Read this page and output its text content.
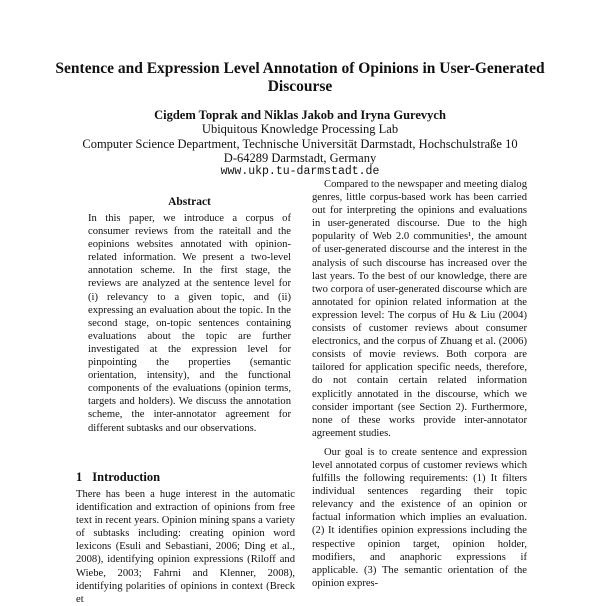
Sentence and Expression Level Annotation of Opinions in User-Generated Discourse
Cigdem Toprak and Niklas Jakob and Iryna Gurevych
Ubiquitous Knowledge Processing Lab
Computer Science Department, Technische Universität Darmstadt, Hochschulstraße 10
D-64289 Darmstadt, Germany
www.ukp.tu-darmstadt.de
Abstract
In this paper, we introduce a corpus of consumer reviews from the rateitall and the eopinions websites annotated with opinion-related information. We present a two-level annotation scheme. In the first stage, the reviews are analyzed at the sentence level for (i) relevancy to a given topic, and (ii) expressing an evaluation about the topic. In the second stage, on-topic sentences containing evaluations about the topic are further investigated at the expression level for pinpointing the properties (semantic orientation, intensity), and the functional components of the evaluations (opinion terms, targets and holders). We discuss the annotation scheme, the inter-annotator agreement for different subtasks and our observations.
1 Introduction
There has been a huge interest in the automatic identification and extraction of opinions from free text in recent years. Opinion mining spans a variety of subtasks including: creating opinion word lexicons (Esuli and Sebastiani, 2006; Ding et al., 2008), identifying opinion expressions (Riloff and Wiebe, 2003; Fahrni and Klenner, 2008), identifying polarities of opinions in context (Breck et

Compared to the newspaper and meeting dialog genres, little corpus-based work has been carried out for interpreting the opinions and evaluations in user-generated discourse. Due to the high popularity of Web 2.0 communities¹, the amount of user-generated discourse and the interest in the analysis of such discourse has increased over the last years. To the best of our knowledge, there are two corpora of user-generated discourse which are annotated for opinion related information at the expression level: The corpus of Hu & Liu (2004) consists of customer reviews about consumer electronics, and the corpus of Zhuang et al. (2006) consists of movie reviews. Both corpora are tailored for application specific needs, therefore, do not contain certain related information explicitly annotated in the discourse, which we consider important (see Section 2). Furthermore, none of these works provide inter-annotator agreement studies.

Our goal is to create sentence and expression level annotated corpus of customer reviews which fulfills the following requirements: (1) It filters individual sentences regarding their topic relevancy and the existence of an opinion or factual information which implies an evaluation. (2) It identifies opinion expressions including the respective opinion target, opinion holder, modifiers, and anaphoric expressions if applicable. (3) The semantic orientation of the opinion expres-
